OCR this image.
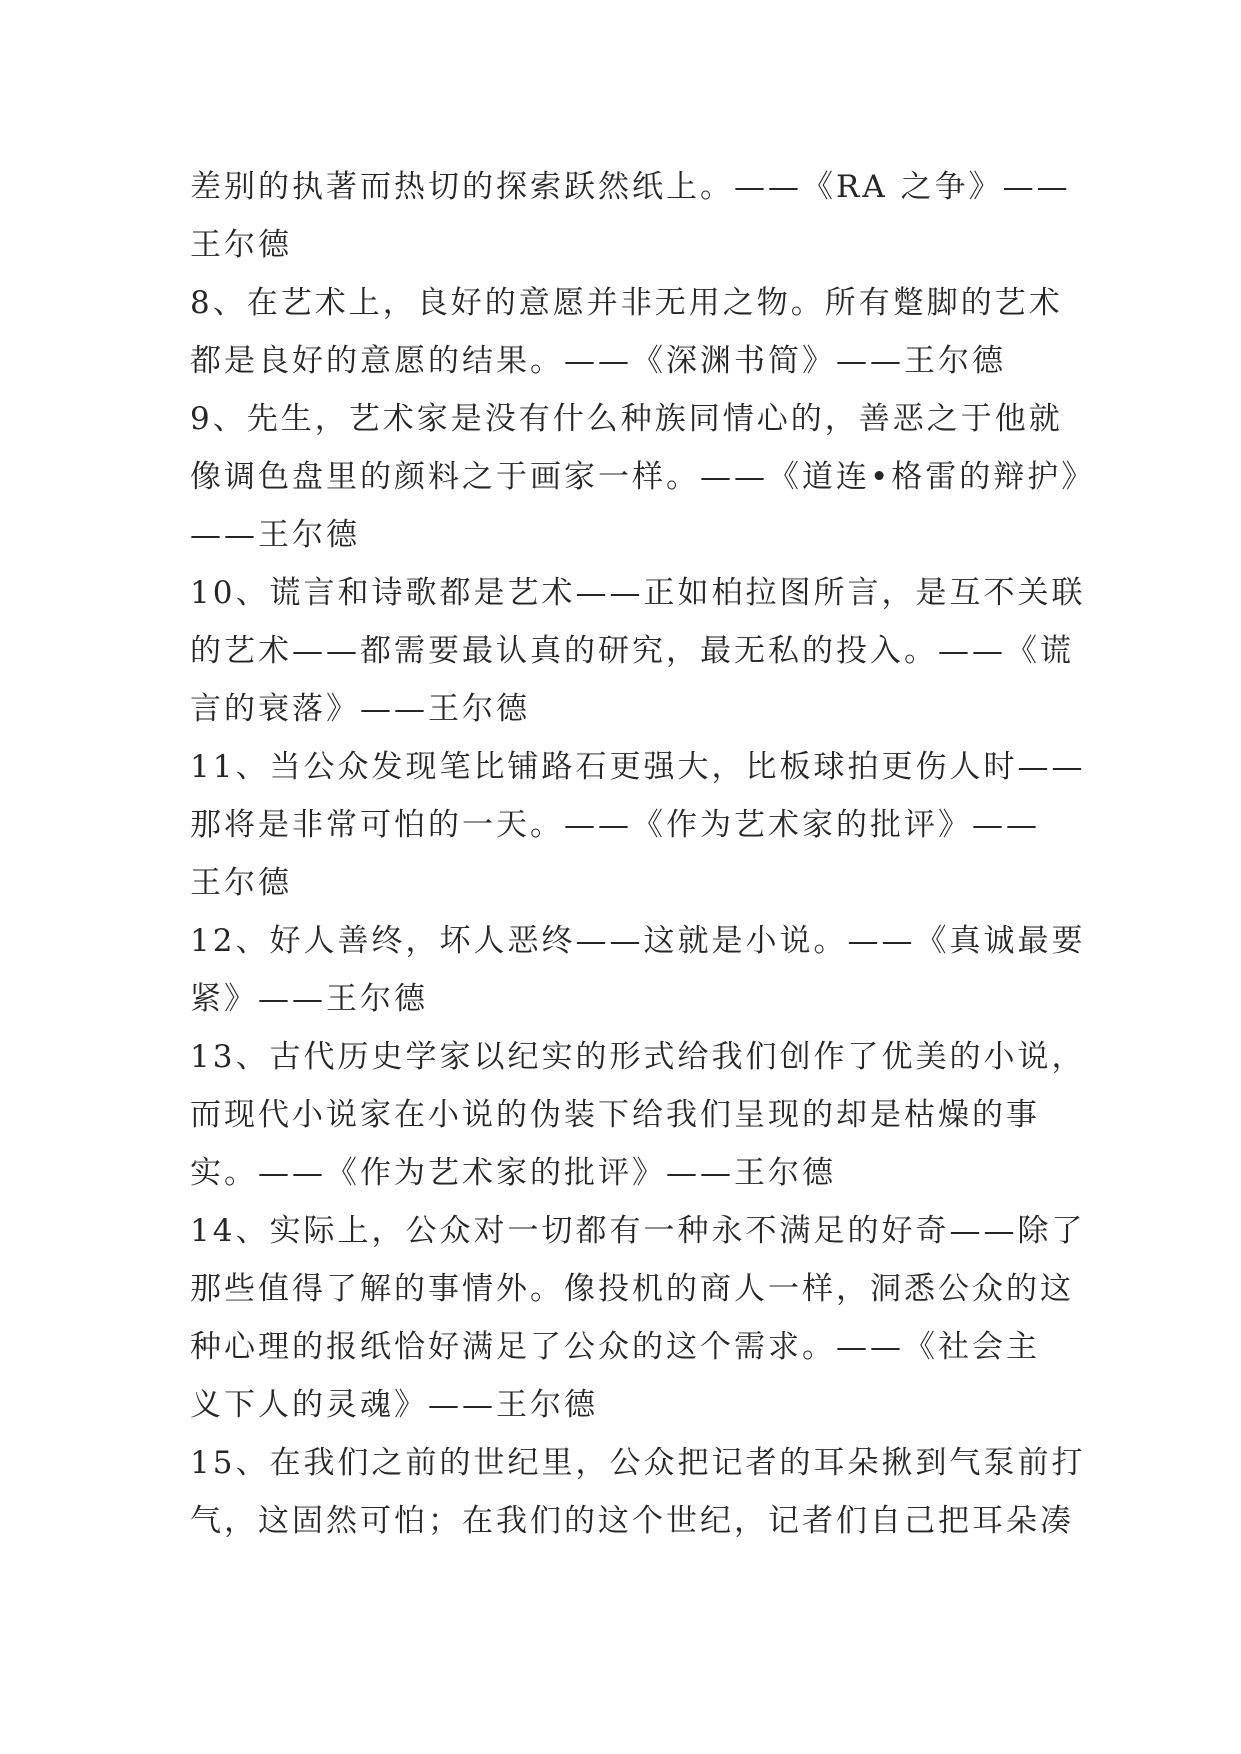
差别的执著而热切的探索跃然纸上。——《RA 之争》——
王尔德
8、在艺术上，良好的意愿并非无用之物。所有蹩脚的艺术
都是良好的意愿的结果。——《深渊书简》——王尔德
9、先生，艺术家是没有什么种族同情心的，善恶之于他就
像调色盘里的颜料之于画家一样。——《道连•格雷的辩护》
——王尔德
10、谎言和诗歌都是艺术——正如柏拉图所言，是互不关联
的艺术——都需要最认真的研究，最无私的投入。——《谎
言的衰落》——王尔德
11、当公众发现笔比铺路石更强大，比板球拍更伤人时——
那将是非常可怕的一天。——《作为艺术家的批评》——
王尔德
12、好人善终，坏人恶终——这就是小说。——《真诚最要
紧》——王尔德
13、古代历史学家以纪实的形式给我们创作了优美的小说，
而现代小说家在小说的伪装下给我们呈现的却是枯燥的事
实。——《作为艺术家的批评》——王尔德
14、实际上，公众对一切都有一种永不满足的好奇——除了
那些值得了解的事情外。像投机的商人一样，洞悉公众的这
种心理的报纸恰好满足了公众的这个需求。——《社会主
义下人的灵魂》——王尔德
15、在我们之前的世纪里，公众把记者的耳朵揪到气泵前打
气，这固然可怕；在我们的这个世纪，记者们自己把耳朵凑
